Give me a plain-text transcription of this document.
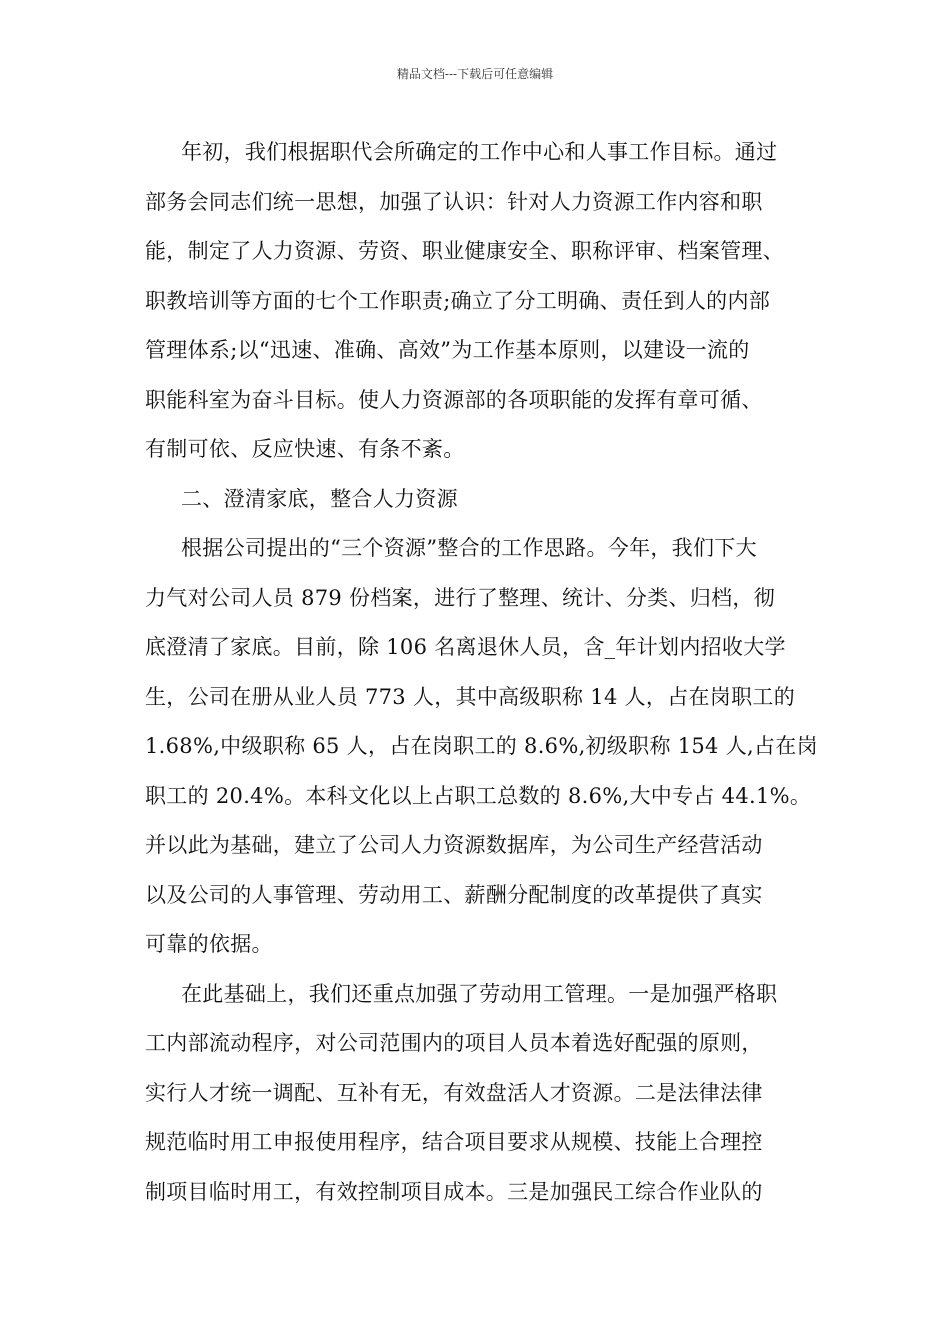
精品文档---下载后可任意编辑
年初，我们根据职代会所确定的工作中心和人事工作目标。通过
部务会同志们统一思想，加强了认识：针对人力资源工作内容和职
能，制定了人力资源、劳资、职业健康安全、职称评审、档案管理、
职教培训等方面的七个工作职责;确立了分工明确、责任到人的内部
管理体系;以“迅速、准确、高效”为工作基本原则，以建设一流的
职能科室为奋斗目标。使人力资源部的各项职能的发挥有章可循、
有制可依、反应快速、有条不紊。
二、澄清家底，整合人力资源
根据公司提出的“三个资源”整合的工作思路。今年，我们下大
力气对公司人员 879 份档案，进行了整理、统计、分类、归档，彻
底澄清了家底。目前，除 106 名离退休人员，含_年计划内招收大学
生，公司在册从业人员 773 人，其中高级职称 14 人，占在岗职工的
1.68%,中级职称 65 人，占在岗职工的 8.6%,初级职称 154 人,占在岗
职工的 20.4%。本科文化以上占职工总数的 8.6%,大中专占 44.1%。
并以此为基础，建立了公司人力资源数据库，为公司生产经营活动
以及公司的人事管理、劳动用工、薪酬分配制度的改革提供了真实
可靠的依据。
在此基础上，我们还重点加强了劳动用工管理。一是加强严格职
工内部流动程序，对公司范围内的项目人员本着选好配强的原则，
实行人才统一调配、互补有无，有效盘活人才资源。二是法律法律
规范临时用工申报使用程序，结合项目要求从规模、技能上合理控
制项目临时用工，有效控制项目成本。三是加强民工综合作业队的
